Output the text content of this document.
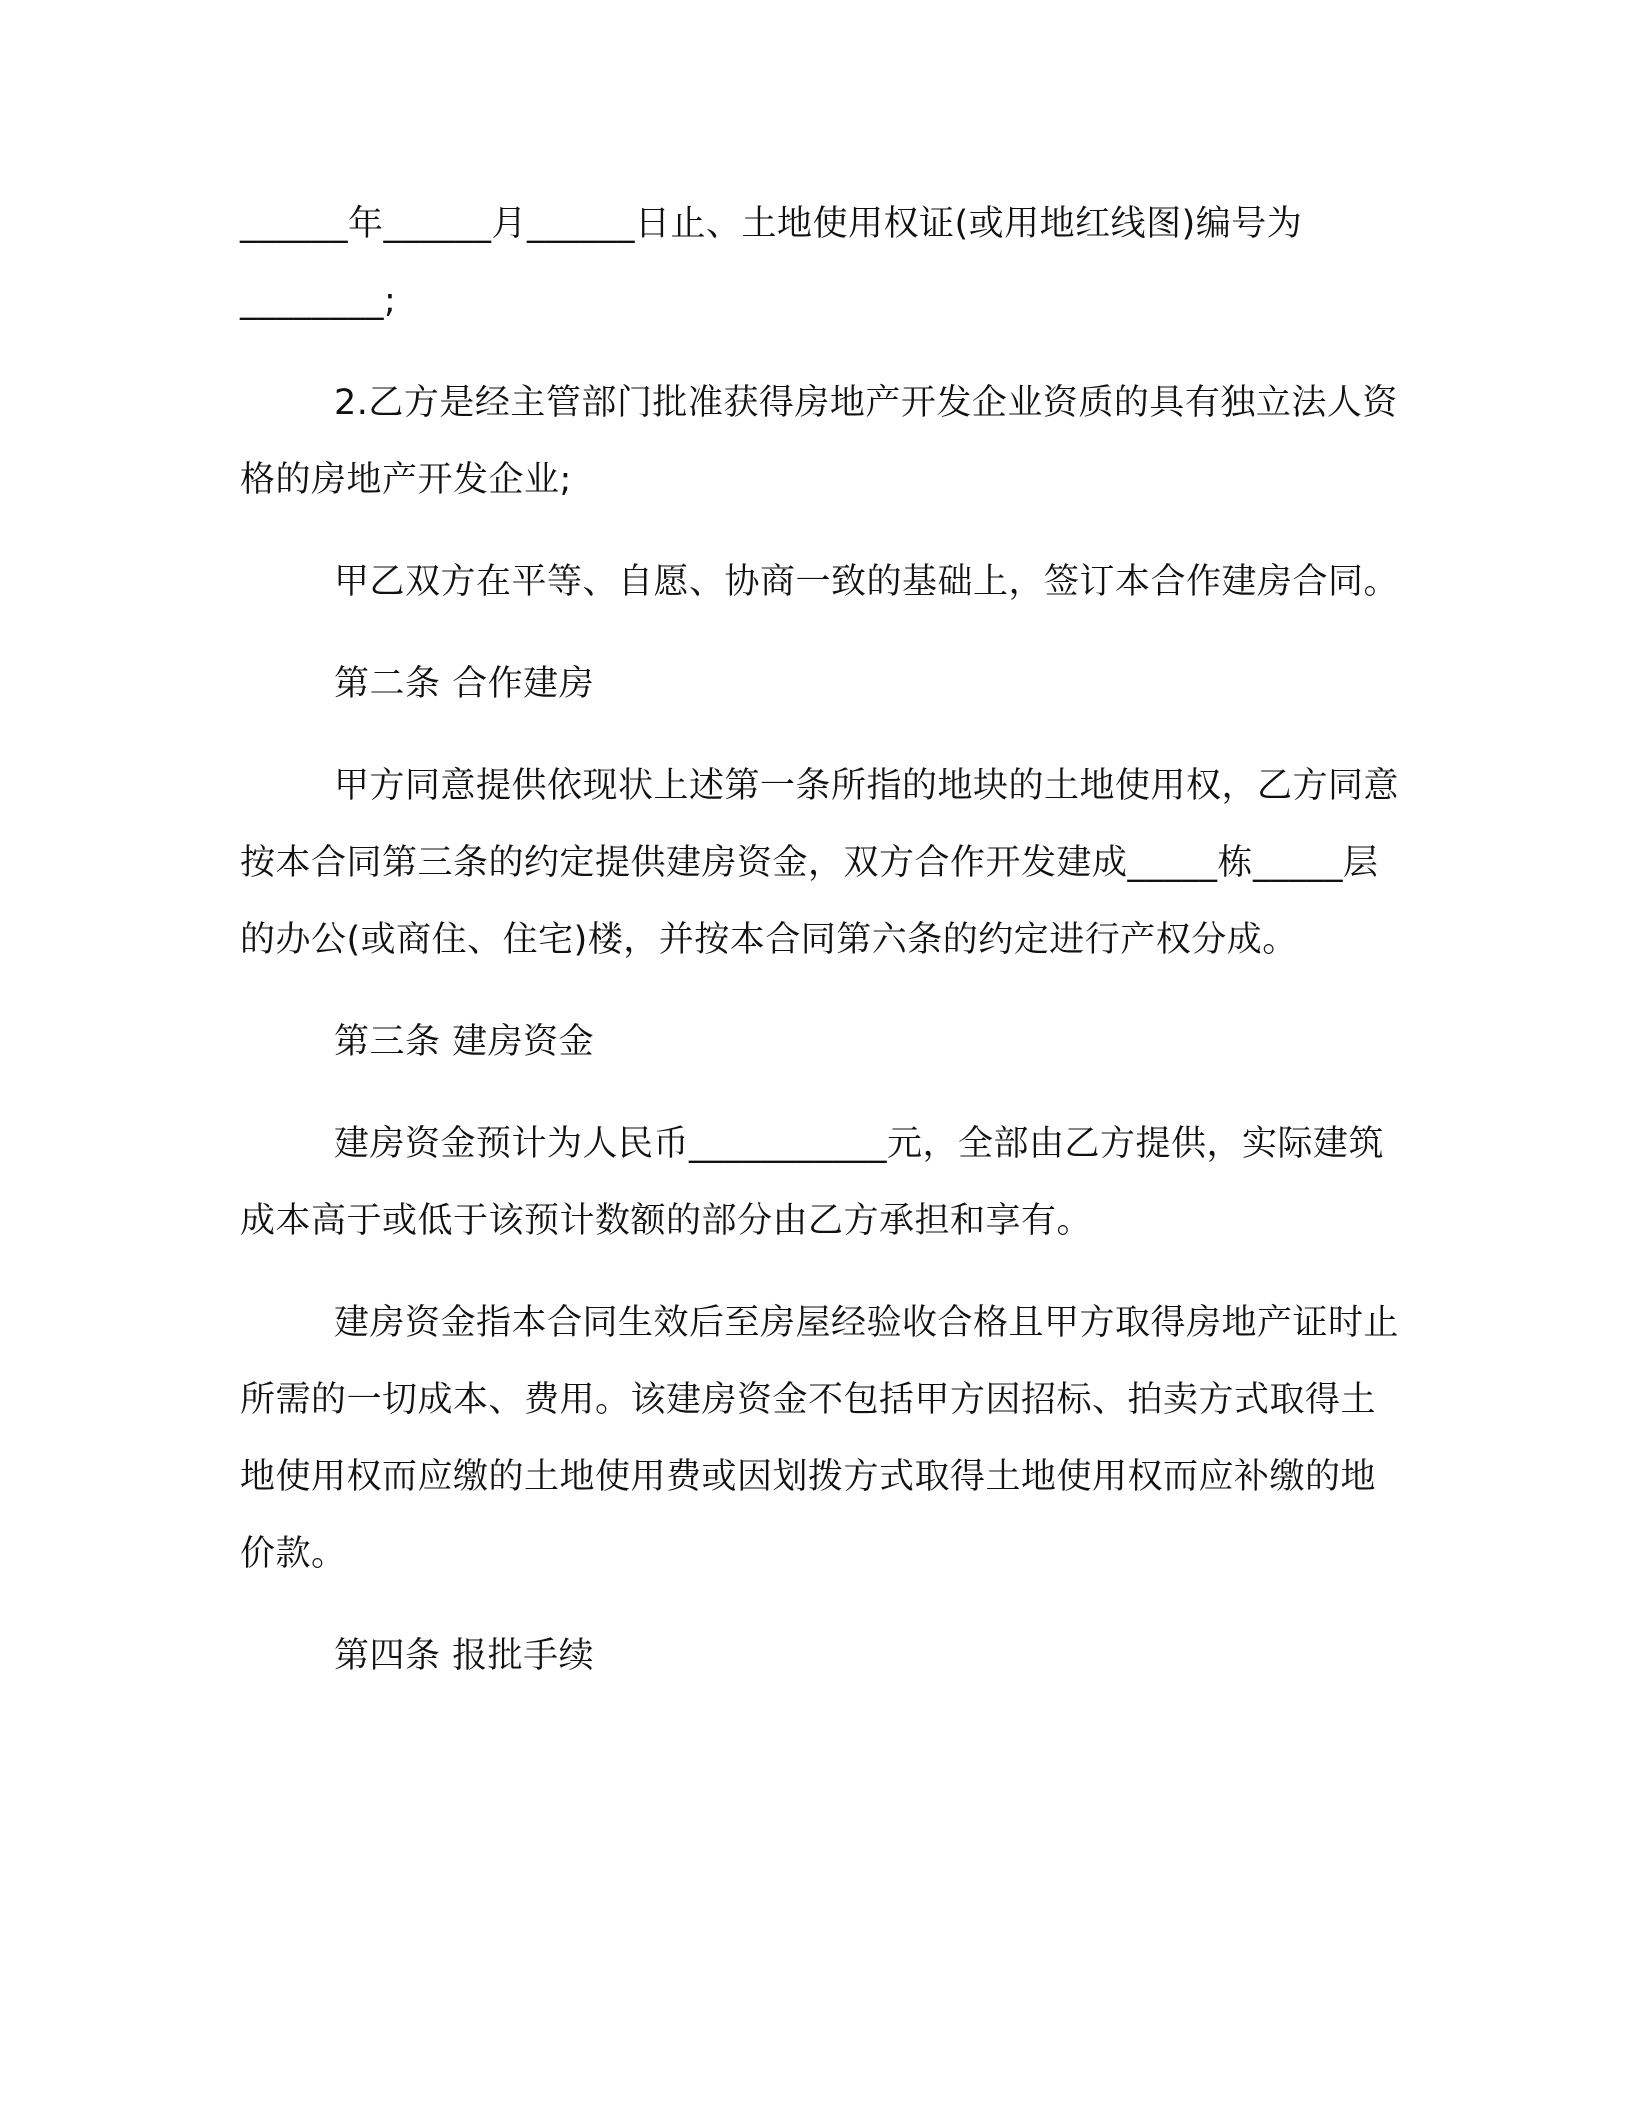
______年______月______日止、土地使用权证(或用地红线图)编号为________;

2.乙方是经主管部门批准获得房地产开发企业资质的具有独立法人资格的房地产开发企业;

甲乙双方在平等、自愿、协商一致的基础上，签订本合作建房合同。

第二条 合作建房

甲方同意提供依现状上述第一条所指的地块的土地使用权，乙方同意按本合同第三条的约定提供建房资金，双方合作开发建成_____栋_____层的办公(或商住、住宅)楼，并按本合同第六条的约定进行产权分成。

第三条 建房资金

建房资金预计为人民币___________元，全部由乙方提供，实际建筑成本高于或低于该预计数额的部分由乙方承担和享有。

建房资金指本合同生效后至房屋经验收合格且甲方取得房地产证时止所需的一切成本、费用。该建房资金不包括甲方因招标、拍卖方式取得土地使用权而应缴的土地使用费或因划拨方式取得土地使用权而应补缴的地价款。

第四条 报批手续
